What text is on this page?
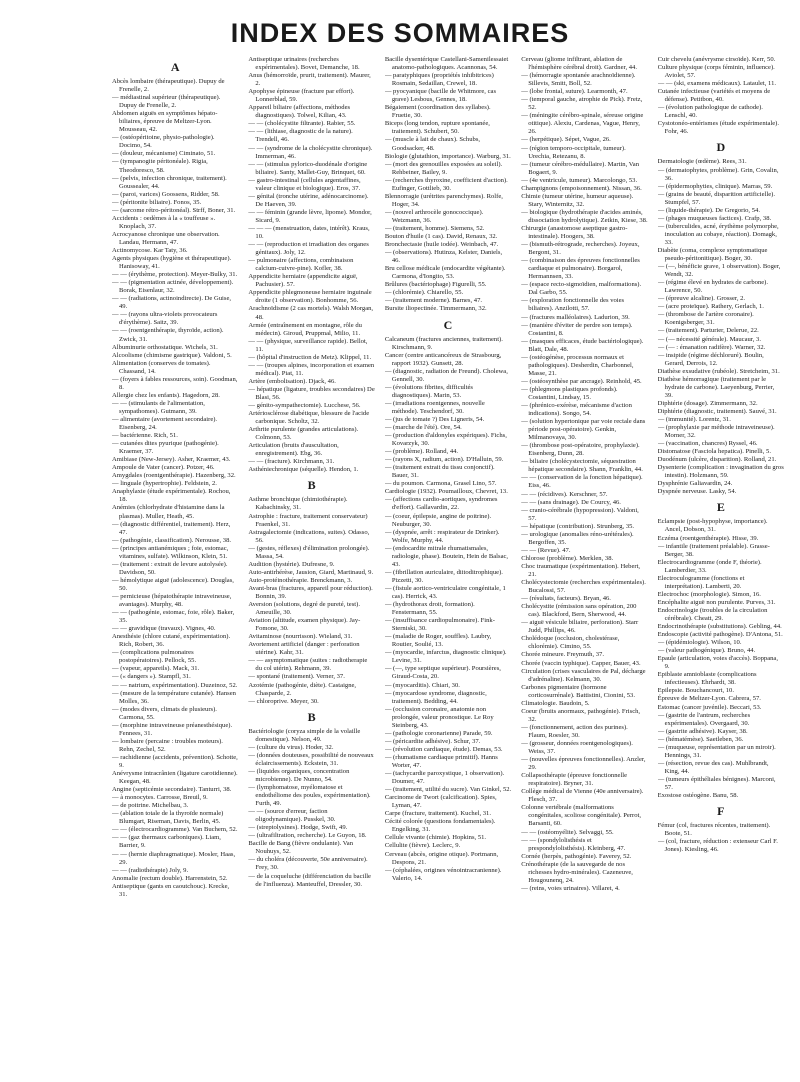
INDEX DES SOMMAIRES
A
Abcès lombaire (thérapeutique). Dupuy de Frenelle, 2.
— médiastinal supérieur (thérapeutique). Dupuy de Frenelle, 2.
Abdomen aiguës en symptômes hépato-biliaires, épreuve de Meltzer-Lyon. Mousseau, 42.
— (ostéopéritoine, physio-pathologie). Docimo, 54.
— (douleur, mécanisme) Ciminato, 51.
— (tympanogite péritonéale). Rigia, Theodoresco, 58.
— (pelvis, infection chronique, traitement). Goussealer, 44.
— (paroi, varices) Goossens, Ridder, 58.
— (péritonite biliaire). Fonos, 35.
— (sarcome rétro-péritonéal). Strff, Boner, 31.
Accidents : oedèmes à la « touffeuse ». Knoplach, 37.
Acrocyanose chronique une observation. Landau, Hermann, 47.
Actinomycose. Kar Taty, 36.
Agents physiques (hygiène et thérapeutique). Hanisoway, 41.
— — (érythème, protection). Meyer-Bulky, 31.
— — (pigmentation actinée, développement). Borak, Eisenlaur, 32.
— — (radiations, actinoindirecte). De Guise, 49.
— — (rayons ultra-violets provocateurs d'érythème). Saitz, 39.
— — (roentgenthérapie, thyroïde, action). Zwick, 31.
Albuminurie orthostatique. Wichels, 31.
Alcoolisme (chimisme gastrique). Valdoni, 5.
Alimentation (conserves de tomates). Chassand, 14.
— (foyers à fables ressources, soin). Goodman, 8.
Allergie chez les enfants). Hagedorn, 28.
— — (stimulants de l'alimentation, sympathomes). Gutmann, 39.
— alimentaire (avortement secondaire). Eisenberg, 24.
— bactérienne. Rich, 51.
— cutanées dites pyurique (pathogénie). Kraemer, 37.
Amibiase (New-Jersey). Asher, Kraemer, 43.
Ampoule de Vater (cancer). Potzer, 46.
Amygdales (roentgenthérapie). Hazenberg, 32.
— linguale (hypertrophie). Feldstein, 2.
Anaphylaxie (étude expérimentale). Rochou, 18.
Anémies (chlorhydrate d'histamine dans la plasmas). Muller, Heath, 45.
— (diagnostic différentiel, traitement). Herz, 47.
— (pathogénie, classification). Nerousse, 38.
— (principes antianémiques ; foie, estomac, vitamines, sulfate). Wilkinson, Klein, 51.
— (traitement : extrait de levure autolysée). Davidson, 50.
— hémolytique aiguë (adolescence). Douglas, 50.
— pernicieuse (hépatothérapie intraveineuse, avantages). Murphy, 48.
— — (pathogénie, estomac, foie, rôle). Baker, 35.
— — gravidique (travaux). Vignes, 40.
Anesthésie (chlore cutané, expérimentation). Rich, Robert, 36.
— (complications pulmonaires postopératoires). Pellock, 55.
— (vapeur, appareils). Mack, 31.
— (« dangers »). Stampfl, 31.
— — natrium, expérimentation). Duzeinoz, 52.
— (mesure de la température cutanée). Hansen Molles, 36.
— (modes divers, climats de plusieurs). Carmona, 55.
— (morphine intraveineuse préanesthésique). Fennees, 31.
— lombaire (percaine : troubles moteurs). Rehn, Zechel, 52.
— rachidienne (accidents, prévention). Schotte, 9.
Anévrysme intracrânien (ligature carotidienne). Keegan, 48.
Angine (septicémie secondaire). Tanturri, 38.
— à monocytes. Carrosse, Breuil, 9.
— de poitrine. Michelbau, 3.
— (ablation totale de la thyroïde normale) Blumgart, Riseman, Davis, Berlin, 45.
— — (électrocardiogramme). Van Buchem, 52.
— — (gaz thermaux carboniques). Liam, Barrier, 9.
— — (hernie diaphragmatique). Mosler, Haas, 29.
— — (radiothérapie) Joly, 9.
Anomalie (rectum double). Harrenstein, 52.
Antiseptique (gants en caoutchouc). Krecke, 31.
Antiseptique urinaires (recherches expérimentales). Bovet, Demanche, 18.
Anus (hémorroïde, prurit, traitement). Maurer, 2.
Apophyse épineuse (fracture par effort). Lonnerblad, 59.
Appareil biliaire (affections, méthodes diagnostiques). Tolwel, Kilian, 43.
— — (cholécystite filtrante). Rabier, 55.
— — (lithiase, diagnostic de la nature). Trendell, 46.
— — (syndrome de la cholécystite chronique). Immerman, 46.
— — (stimulus pylorico-duodénale d'origine biliaire). Santy, Mallet-Guy, Brinquet, 60.
— gastro-intestinal (cellules argentaffines, valeur clinique et biologique). Eros, 37.
— génital (tronche utérine, adénocarcinome). De Haeven, 39.
— — féminin (grande lèvre, lipome). Mondor, Sicard, 9.
— — — (menstruation, dates, intérêt). Kraus, 10.
— — (reproduction et irradiation des organes génitaux). Joly, 12.
— pulmonaire (affections, combinaison calcium-cuivre-pine). Kofler, 38.
Appendicite herniaire (appendicite aiguë, Pachusier). 57.
Appendicite phlegmoneuse herniaire inguinale droite (1 observation). Bonhomme, 56.
Arachnoïdisme (2 cas mortels). Walsh Morgan, 48.
Armée (entraînement en montagne, rôle du médecin). Giroud, Pruppmal, Milio, 11.
— — (physique, surveillance rapide). Bellot, 11.
— (hôpital d'instruction de Metz). Klippel, 11.
— — (troupes alpines, incorporation et examen médical). Piat, 11.
Artère (embolisation). Djack, 46.
— hépatique (ligature, troubles secondaires) De Blasi, 56.
— génito-sympathectomie). Lucchese, 56.
Artériosclérose diabétique, blessure de l'acide carbonique. Scholtz, 32.
Arthrite purulente (grandes articulations). Colmonn, 53.
Articulation (bruits d'auscultation, enregistrement). Ebg, 36.
— — (fracture). Kirchmann, 31.
Asthéniechronique (séquelle). Hendon, 1.
B
Asthme bronchique (chimiothérapie). Kabachinsky, 31.
Astrophie : fracture, traitement conservateur) Fraenkel, 31.
Astragalectomie (indications, suites). Odasso, 56.
— (gestes, réflexes) d'élimination prolongée). Massa, 54.
Audition (hystérie). Dufresne, 9.
Auto-antirhérèse, Jausion, Giard, Martinaud, 9.
Auto-protéinothérapie. Brenckmann, 3.
Avant-bras (fractures, appareil pour réduction). Bonnin, 39.
Aversion (solutions, degré de pureté, test). Ameuille, 30.
Aviation (altitude, examen physique). Jay-Fomone, 30.
Avitaminose (nourrisson). Wieland, 31.
Avortement artificiel (danger : perforation utérine). Kahr, 31.
— — asymptomatique (suites : radiotherapie du col utérin). Rehmann, 39.
— spontané (traitement). Verner, 37.
Azotémie (pathogénie, diète). Castaigne, Chasparde, 2.
— chloroprive. Meyer, 30.
B
Bactériologie (coryza simple de la volaille domestique). Nelson, 49.
— (culture du virus). Hoder, 32.
— (données douteuses, possibilité de nouveaux éclaircissements). Eckstein, 31.
— (liquides organiques, concentration microbienne). De Nunno, 54.
— (lymphomatose, myélomatose et endothéliome des poules, expérimentation). Furth, 49.
— — (source d'erreur, faction oligodynamique). Pusskel, 30.
— (streptolysines). Hodge, Swift, 49.
— (ultrafiltration, recherche). Le Guyon, 18.
Bacille de Bang (fièvre ondulante). Van Nouhuys, 52.
— du choléra (découverte, 50e anniversaire). Frey, 30.
— de la coqueluche (différenciation du bacille de l'influenza). Manteuffel, Dressler, 30.
Bacille dysentérique Castellani-Samenilessaiet anatomo-pathologiques. Acannonas, 54.
— paratyphiques (propriétés inhibitrices) Rosmain, Sedaillan, Crewel, 18.
— pyocyanique (bacille de Whitmore, cas grave) Lesbous, Gennes, 18.
Bégaiement (coordination des syllabes). Fruetie, 30.
Biceps (long tendon, rupture spontanée, traitement). Schubert, 50.
— (muscle à lait de chaux). Schubs, Goodsacker, 48.
Biologie (glutathion, importance). Warburg, 31.
— (mort des grenouilles exposées au soleil). Rehbeiner, Bailey, 9.
— (recherches thyroxine, coefficient d'action). Eufinger, Gottlieb, 30.
Blennorragie (urétrites parenchymes). Rolfe, Hoger, 34.
— (nouvel arthrocèle gonococcique). Wetzmann, 36.
— (traitement, homme). Siemens, 52.
Bouton d'huile (1 cas). David, Renaux, 32.
Bronchectasie (huile iodée). Weinbach, 47.
— (observations). Hutinza, Kelster, Daniels, 46.
Bru cellose médicale (endocardite végétante). Carmona, d'Iongito, 53.
Brûlures (bactériophage) Figurelli, 55.
— (chlorémie). Chiarello, 55.
— (traitement moderne). Barnes, 47.
Bursite iliopectinée. Timmermann, 32.
C
Calcaneum (fractures anciennes, traitement). Kirschmann, 9.
Cancer (centre anticancéreux de Strasbourg, rapport 1932). Gunsett, 28.
— (diagnostic, radiation de Freund). Cholewa, Gennell, 30.
— (évolutions fibrites, difficultés diagnostiques). Marin, 53.
— (irradiations roentgennes, nouvelle méthode). Teschendorf, 30.
— (jus de tomate ?) Des Ligneris, 54.
— (marche de l'été). Ore, 54.
— (production d'aldonyles expériques). Fichs, Kovarzyk, 30.
— (problème). Rolland, 44.
— (rayons X, radium, action). D'Halluin, 59.
— (traitement extrait du tissu conjonctif). Bauer, 31.
— du poumon. Carmona, Grasel Lino, 57.
Cardiologie (1932). Poumailloux, Chevret, 13.
— (affections cardio-aortiques, syndromes d'effort). Gallavardin, 22.
— (coeur, épilepsie, angine de poitrine). Neuburger, 30.
— (dyspnée, arrêt : respirateur de Drinker). Wolfe, Murphy, 44.
— (endocardite mitrale rhumatismales, radiologie, phase). Boutein, Hein de Balsac, 43.
— (fibrillation auriculaire, diitoditrophique). Pizzetti, 30.
— (fistule aortico-ventriculaire congénitale, 1 cas). Herrick, 43.
— (hydrothorax droit, formation). Fenstermann, 55.
— (insuffisance cardiopulmonaire). Fink-Sterniski, 30.
— (maladie de Roger, souffles). Laubry, Routier, Soulié, 13.
— (myocardie, infarctus, diagnostic clinique). Levine, 31.
— (—, type septique supérieur). Poursières, Giraud-Costa, 20.
— (myocarditis). Chiari, 30.
— (myocardose syndrome, diagnostic, traitement). Bedding, 44.
— (occlusion coronaire, anatomie non prolongée, valeur pronostique. Le Roy Steinberg, 43.
— (pathologie coronarienne) Parade, 59.
— (péricardite adhésive). Schur, 37.
— (révolution cardiaque, étude). Demas, 53.
— (rhumatisme cardiaque primitif). Hanns Worter, 47.
— (tachycardie paroxystique, 1 observation). Doumer, 47.
— (traitement, utilité du sucre). Van Ginkel, 52.
Carcinome de Twort (calcification). Spies, Lyman, 47.
Carpe (fracture, traitement). Kuchel, 31.
Cécité colorée (questions fondamentales). Engelking, 31.
Cellule vivante (chimie). Hopkins, 51.
Cellulite (fièvre). Leclerc, 9.
Cerveau (abcès, origine otique). Portmann, Despons, 21.
— (céphalées, origines vénointracranienne). Valerio, 14.
Cerveau (gliome infiltrant, ablation de l'hémisphère cérébral droit). Gardner, 44.
— (hémorragie spontanée arachnoïdienne). Sillevis, Smitt, Boll, 52.
— (lobe frontal, suture). Learmonth, 47.
— (temporal gauche, atrophie de Pick). Fretz, 52.
— (méningite cérébro-spinale, séreuse origine otitique). Alexiu, Cardenas, Vague, Henry, 26.
— (herpétique). Sépet, Vague, 26.
— (région temporo-occipitale, tumeur). Urechia, Retezanu, 8.
— (tumeur cérébro-médullaire). Martin, Van Bogaert, 9.
— (4e ventricule, tumeur). Marcolongo, 53.
Champignons (empoisonnement). Nissan, 36.
Chimie (tumeur utérine, humeur aqueuse). Stary, Winternitz, 32.
— biologique (hydrothérapie d'acides aminés, dissociation hydrolytique). Zetkin, Kiese, 38.
Chirurgie (anastomose aseptique gastro-intestinale). Hoogers, 38.
— (bismuth-rétrograde, recherches). Joyeux, Bergont, 31.
— (combinaison des épreuves fonctionnelles cardiaque et pulmonaire). Borgarol, Hermannsen, 33.
— (espace recto-sigmoïdien, malformations). Dal Garbo, 55.
— (exploration fonctionnelle des voies biliaires). Anzilotti, 57.
— (fractures malléolaires). Ladurion, 39.
— (manière d'éviter de perdre son temps). Costantini, 8.
— (masques efficaces, étude bactériologique). Blatt, Dale, 48.
— (ostéogénèse, processus normaux et pathologiques). Desherdin, Charbonnel, Masse, 21.
— (ostéosynthèse par ancrage). Reinhold, 45.
— (phlegmons plastiques profonds). Costantini, Lindsay, 15.
— (phrénico-exérèse, mécanisme d'action indications). Songo, 54.
— (solution hypertonique par voie rectale dans période post-opératoire). Genkin, Milmanovaya, 30.
— (thrombose post-opératoire, prophylaxie). Eisenberg, Dunn, 28.
— biliaire (cholécystectomie, séquestration hépatique secondaire). Shann, Franklin, 44.
— — (conservation de la fonction hépatique). Eiss, 46.
— — (récidives). Kerschner, 57.
— — (sans drainage). De Courcy, 46.
— cranio-cérébrale (hypopression). Valdoni, 57.
— hépatique (contribution). Strunberg, 35.
— urologique (anomalies réno-urétérales). Bergoffen, 35.
— — (Revue). 47.
Chlorose (problème). Merklen, 38.
Choc traumatique (expérimentation). Hebert, 21.
Cholécystectomie (recherches expérimentales). Bucalossi, 57.
— (résultats, facteurs). Bryan, 46.
Cholécystite (rémission sans opération, 200 cas). Blackford, Bern, Sherwood, 44.
— aiguë vésicule biliaire, perforation). Starr Judd, Phillips, 46.
Cholédoque (occlusion, cholestérase, chlorémie). Cimino, 55.
Chorée mineure. Freymuth, 37.
Chorée (vaccin typhique). Capper, Bauer, 43.
Circulation (crises vasculaires de Pal, décharge d'adrénaline). Kelmann, 30.
Carbones pigmentaire (hormone corticosurrénale). Battistini, Cionini, 53.
Climatologie. Baudoin, 5.
Coeur (bruits anormaux, pathogénie). Frisch, 32.
— (fonctionnement, action des purines). Flaum, Roesler, 30.
— (grosseur, données roentgenologiques). Weiss, 37.
— (nouvelles épreuves fonctionnelles). Anzler, 29.
Collapsothérapie (épreuve fonctionnelle respiratoire). Bryner, 31.
Collège médical de Vienne (40e anniversaire). Flesch, 37.
Colonne vertébrale (malformations congénitales, scoliose congénitale). Perrot, Barsanti, 60.
— — (ostéomyélite). Selvaggi, 55.
— — (spondylolisthésis et prespondylolisthésis). Kleinberg, 47.
Cornée (herpès, pathogénie). Faverey, 52.
Crénothérapie (de la sauvegarde de nos richesses hydro-minérales). Cazeneuve, Hougounenq, 24.
— (reins, voies urinaires). Villaret, 4.
Cuir chevelu (anévrysme cirsoïde). Kerr, 50.
Culture physique (corps féminin, influence). Aviolet, 57.
— — (ski, examens médicaux). Lataulet, 11.
Cutanée infectieuse (variétés et moyens de défense). Petitbon, 40.
— (évolution pathologique de cathode). Lenschl, 40.
Cystotonéo-entérismes (étude expérimentale). Fohr, 46.
D
Dermatologie (œdème). Rees, 31.
— (dermatophytes, problème). Grin, Covalin, 36.
— (épidermophyties, clinique). Marras, 59.
— (grains de beauté, disparition artificielle). Stumpfel, 57.
— (liquide-thérapie). De Gregorio, 54.
— (phages muqueuses factices). Crafp, 38.
— (tuberculides, acné, érythème polymorphe, inoculation au cobaye, réaction). Domagk, 33.
Diabète (coma, complexe symptomatique pseudo-péritonitique). Boger, 30.
— (—, bénéficie grave, 1 observation). Boger, Wendt, 32.
— (régime élevé en hydrates de carbone). Lawrence, 50.
— (épreuve alcaline). Grosser, 2.
— (acre proteïque). Rathery, Gerlach, 1.
— (thrombose de l'artère coronaire). Koenigsberger, 31.
— (traitement). Parturier, Delerue, 22.
— (— nécessité générale). Maucaur, 3.
— (— : émanation radifère). Warner, 32.
— insipide (régime déchloruré). Boulin, Gerard, Derrois, 12.
Diathèse exsudative (rubéole). Stretcheim, 31.
Diathèse hémorragique (traitement par le hydrate de carbone). Laeyenburg, Perrier, 39.
Diphtérie (dosage). Zimmermann, 32.
Diphtérie (diagnostic, traitement). Sauvé, 31.
— (immunité). Lorentz, 31.
— (prophylaxie par méthode intraveineuse). Morner, 32.
— (vaccination, chancres) Ryssel, 46.
Distomatose (Fasciola hepatica). Pinelli, 5.
Duodénum (ulcère, disparition). Rolland, 21.
Dysenterie (complication : invagination du gros intestin). Holzmann, 59.
Dysphrénie Galiavardin, 24.
Dyspnée nerveuse. Lasky, 54.
E
Eclampsie (post-hypophyse, importance). Ancel, Dobson, 31.
Eczéma (roentgenthérapie). Hisse, 39.
— infantile (traitement préalable). Grasse-Berger, 38.
Electrocardiogramme (onde F, théorie). Lamberdier, 33.
Electroculogramme (fonctions et interprétation). Lamberti, 20.
Electrochoc (morphologie). Simon, 16.
Encéphalite aiguë non purulente. Purves, 31.
Endocrinologie (troubles de la circulation cérébrale). Cheatt, 29.
Endocrinothérapie (substitutions). Gebling, 44.
Endoscopie (activité pathogène). D'Antona, 51.
— (épidémiologie). Wilson, 10.
— (valeur pathogénique). Bruno, 44.
Epaule (articulation, voies d'accès). Boppana, 9.
Epiblaste amnioblaste (complications infectieuses). Ehrhardt, 38.
Epilepsie. Bouchancourt, 10.
Épreuve de Meltzer-Lyon. Cabrera, 57.
Estomac (cancer juvénile). Beccari, 53.
— (gastrite de l'antrum, recherches expérimentales). Overgaard, 30.
— (gastrite adhésive). Kayser, 38.
— (hématémèse). Saetleben, 36.
— (muqueuse, représentation par un miroir). Hennings, 31.
— (résection, revue des cas). Muhlbrandt, King, 44.
— (tumeurs épithéliales bénignes). Marconi, 57.
Exostose ostéogène. Banu, 58.
F
Fémur (col, fractures récentes, traitement). Boote, 51.
— (col, fracture, réduction : extenseur Carl F. Jones). Kiesling, 46.
